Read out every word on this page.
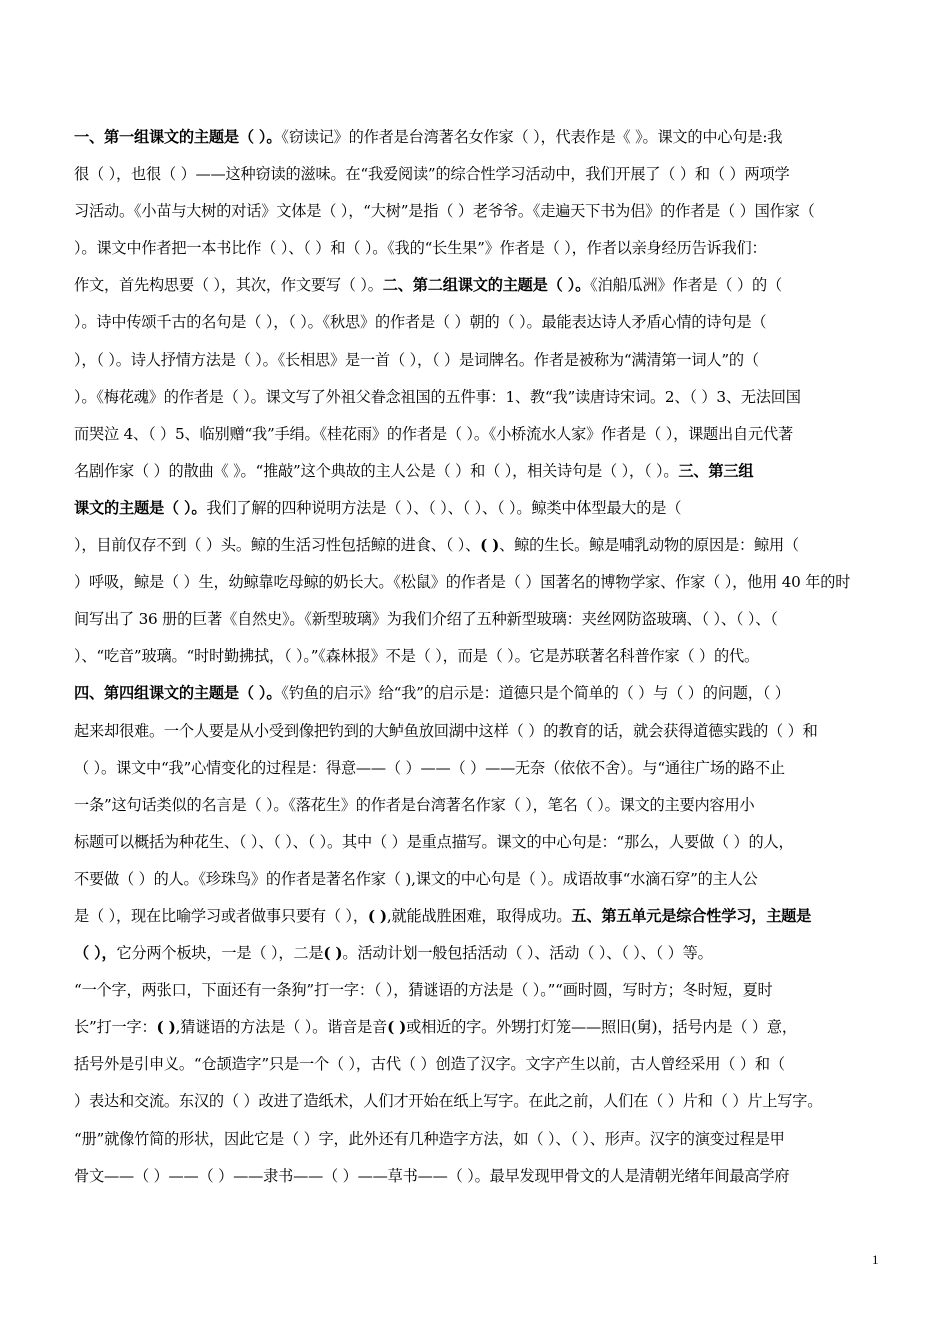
一、第一组课文的主题是（ ）。《窃读记》的作者是台湾著名女作家（ ），代表作是《 》。课文的中心句是:我
很（ ），也很（ ）——这种窃读的滋味。在“我爱阅读”的综合性学习活动中，我们开展了（ ）和（ ）两项学
习活动。《小苗与大树的对话》文体是（ ），“大树”是指（ ）老爷爷。《走遍天下书为侣》的作者是（ ）国作家（
）。课文中作者把一本书比作（ ）、（ ）和（ ）。《我的“长生果”》作者是（ ），作者以亲身经历告诉我们：
作文，首先构思要（ ），其次，作文要写（ ）。二、第二组课文的主题是（ ）。《泊船瓜洲》作者是（ ）的（
）。诗中传颂千古的名句是（ ），（ ）。《秋思》的作者是（ ）朝的（ ）。最能表达诗人矛盾心情的诗句是（
），（ ）。诗人抒情方法是（ ）。《长相思》是一首（ ），（ ）是词牌名。作者是被称为“满清第一词人”的（
）。《梅花魂》的作者是（ ）。课文写了外祖父眷念祖国的五件事：1、教“我”读唐诗宋词。2、（ ）3、无法回国
而哭泣 4、（ ）5、临别赠“我”手绢。《桂花雨》的作者是（ ）。《小桥流水人家》作者是（ ），课题出自元代著
名剧作家（ ）的散曲《 》。“推敲”这个典故的主人公是（ ）和（ ），相关诗句是（ ），（ ）。三、第三组
课文的主题是（ ）。我们了解的四种说明方法是（ ）、（ ）、（ ）、（ ）。鲸类中体型最大的是（
），目前仅存不到（ ）头。鲸的生活习性包括鲸的进食、（ ）、( )、鲸的生长。鲸是哺乳动物的原因是：鲸用（
）呼吸，鲸是（ ）生，幼鲸靠吃母鲸的奶长大。《松鼠》的作者是（ ）国著名的博物学家、作家（ ），他用 40 年的时
间写出了 36 册的巨著《自然史》。《新型玻璃》为我们介绍了五种新型玻璃：夹丝网防盗玻璃、（ ）、（ ）、（
）、“吃音”玻璃。“时时勤拂拭，（ ）。”《森林报》不是（ ），而是（ ）。它是苏联著名科普作家（ ）的代。
四、第四组课文的主题是（ ）。《钓鱼的启示》给“我”的启示是：道德只是个简单的（ ）与（ ）的问题，（ ）
起来却很难。一个人要是从小受到像把钓到的大鲈鱼放回湖中这样（ ）的教育的话，就会获得道德实践的（ ）和
（ ）。课文中“我”心情变化的过程是：得意——（ ）——（ ）——无奈（依依不舍）。与“通往广场的路不止
一条”这句话类似的名言是（ ）。《落花生》的作者是台湾著名作家（ ），笔名（ ）。课文的主要内容用小
标题可以概括为种花生、（ ）、（ ）、（ ）。其中（ ）是重点描写。课文的中心句是：“那么，人要做（ ）的人，
不要做（ ）的人。《珍珠鸟》的作者是著名作家（ ),课文的中心句是（ ）。成语故事“水滴石穿”的主人公
是（ ），现在比喻学习或者做事只要有（ ），( ),就能战胜困难，取得成功。五、第五单元是综合性学习，主题是
（ ），它分两个板块，一是（ ），二是( )。活动计划一般包括活动（ ）、活动（ ）、（ ）、（ ）等。
“一个字，两张口，下面还有一条狗”打一字：（ ），猜谜语的方法是（ ）。”“画时圆，写时方；冬时短，夏时
长”打一字：( ),猜谜语的方法是（ ）。谐音是音( )或相近的字。外甥打灯笼——照旧(舅)，括号内是（ ）意，
括号外是引申义。“仓颉造字”只是一个（ ），古代（ ）创造了汉字。文字产生以前，古人曾经采用（ ）和（
）表达和交流。东汉的（ ）改进了造纸术，人们才开始在纸上写字。在此之前，人们在（ ）片和（ ）片上写字。
“册”就像竹简的形状，因此它是（ ）字，此外还有几种造字方法，如（ ）、（ ）、形声。汉字的演变过程是甲
骨文——（ ）——（ ）——隶书——（ ）——草书——（ ）。最早发现甲骨文的人是清朝光绪年间最高学府
1
